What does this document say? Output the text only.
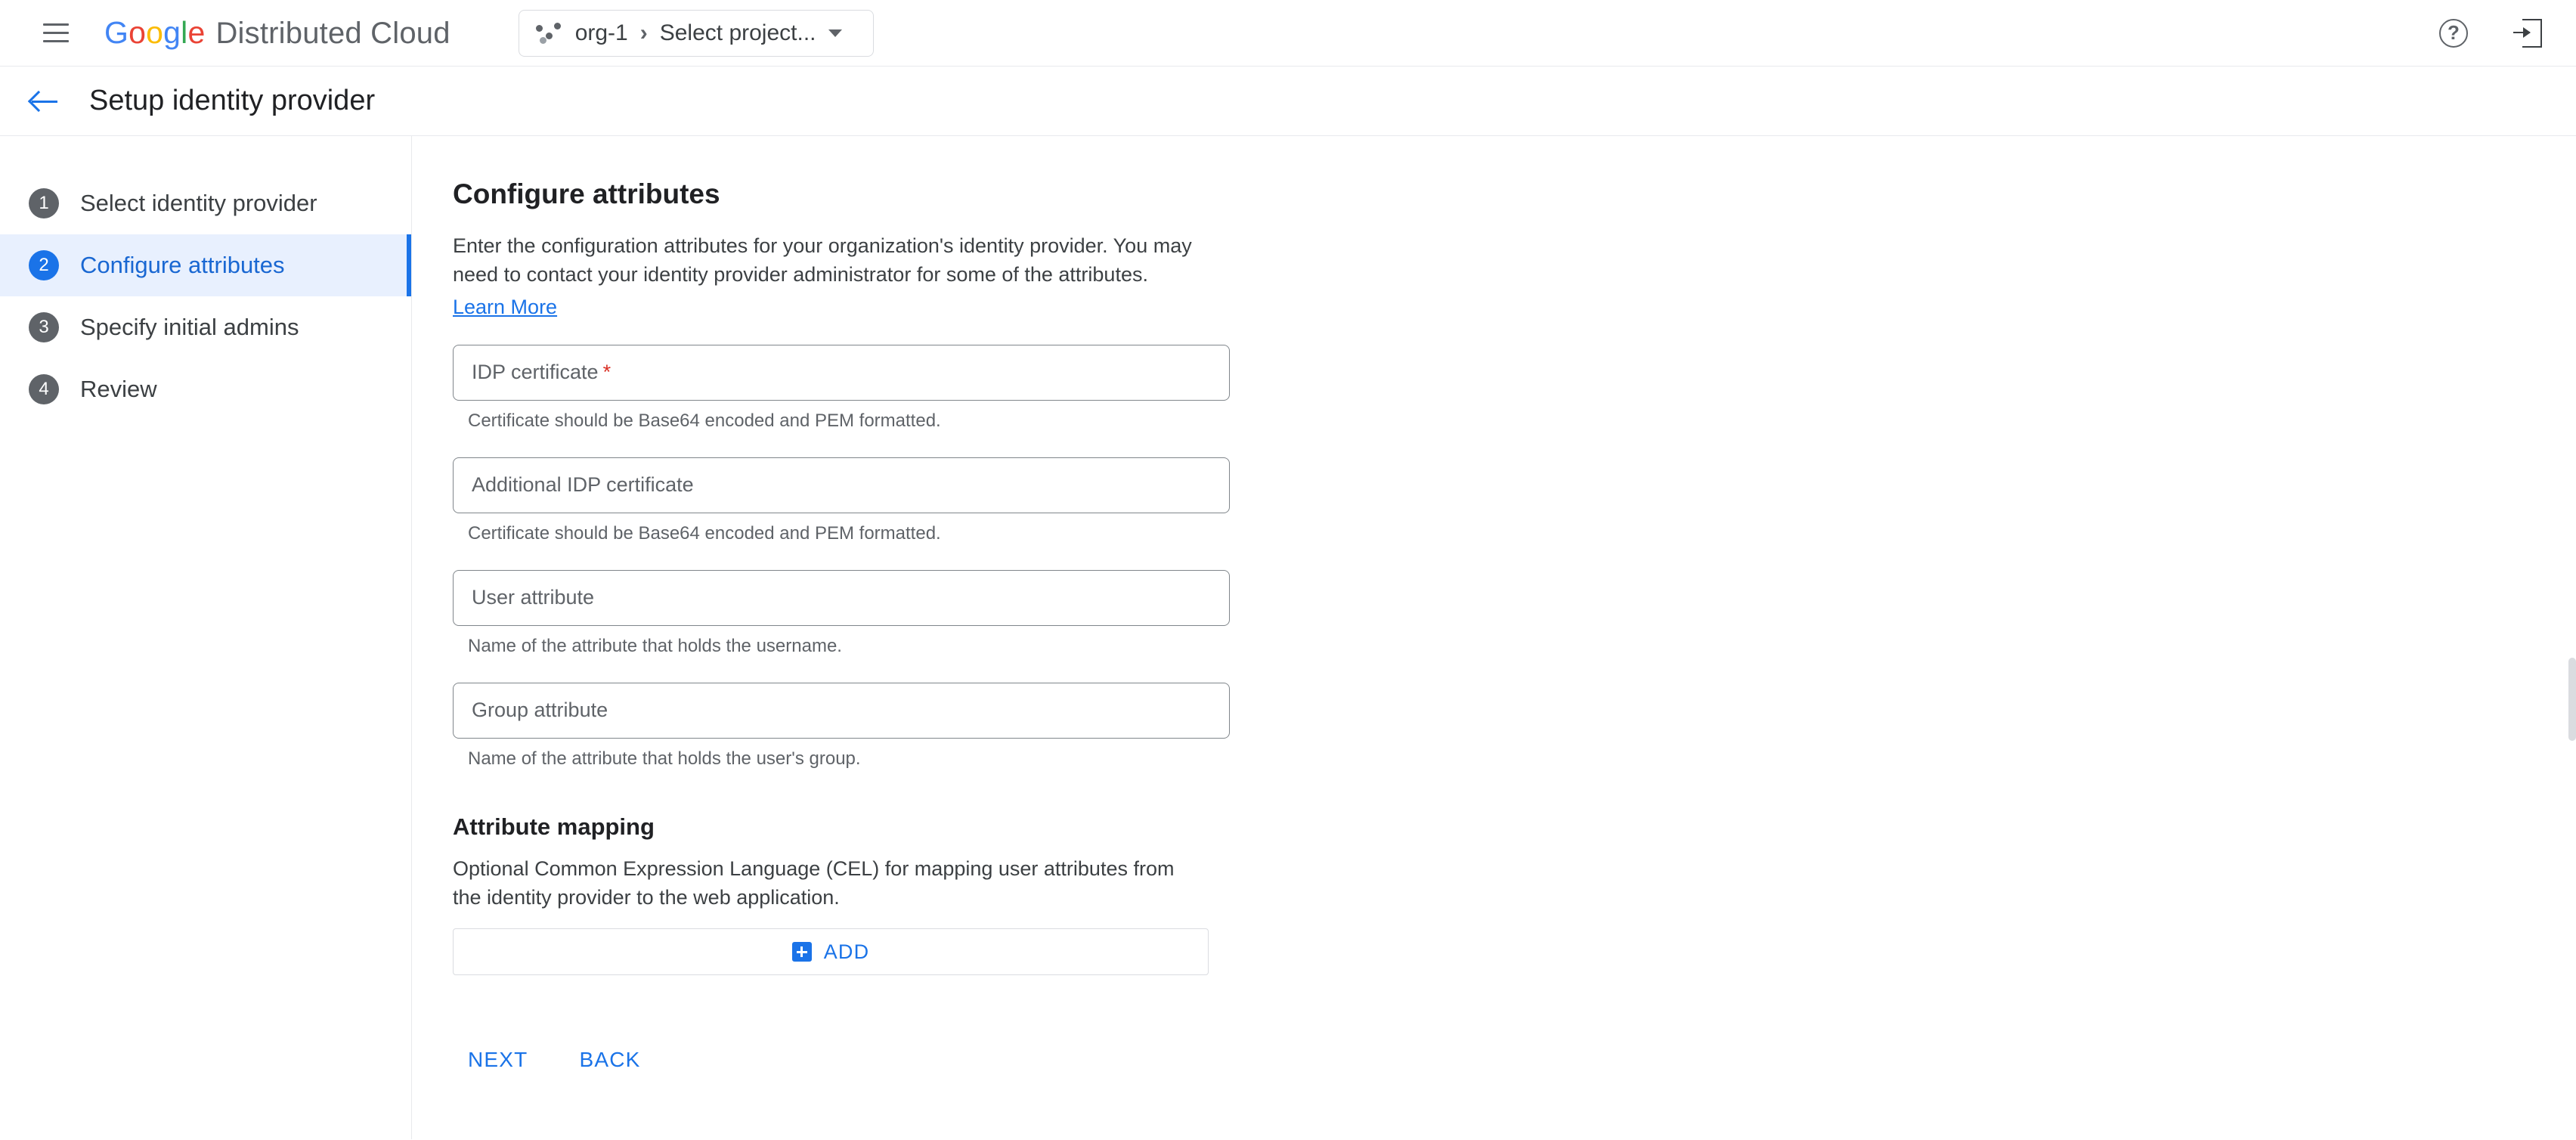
G o o g l e Distributed Cloud	org-1 › Select project...	?
Setup identity provider
1	Select identity provider
2	Configure attributes
3	Specify initial admins
4	Review
Configure attributes

Enter the configuration attributes for your organization's identity provider. You may need to contact your identity provider administrator for some of the attributes.

Learn More
IDP certificate *
Certificate should be Base64 encoded and PEM formatted.
Additional IDP certificate
Certificate should be Base64 encoded and PEM formatted.
User attribute
Name of the attribute that holds the username.
Group attribute
Name of the attribute that holds the user's group.
Attribute mapping
Optional Common Expression Language (CEL) for mapping user attributes from the identity provider to the web application.
ADD
NEXT	BACK
